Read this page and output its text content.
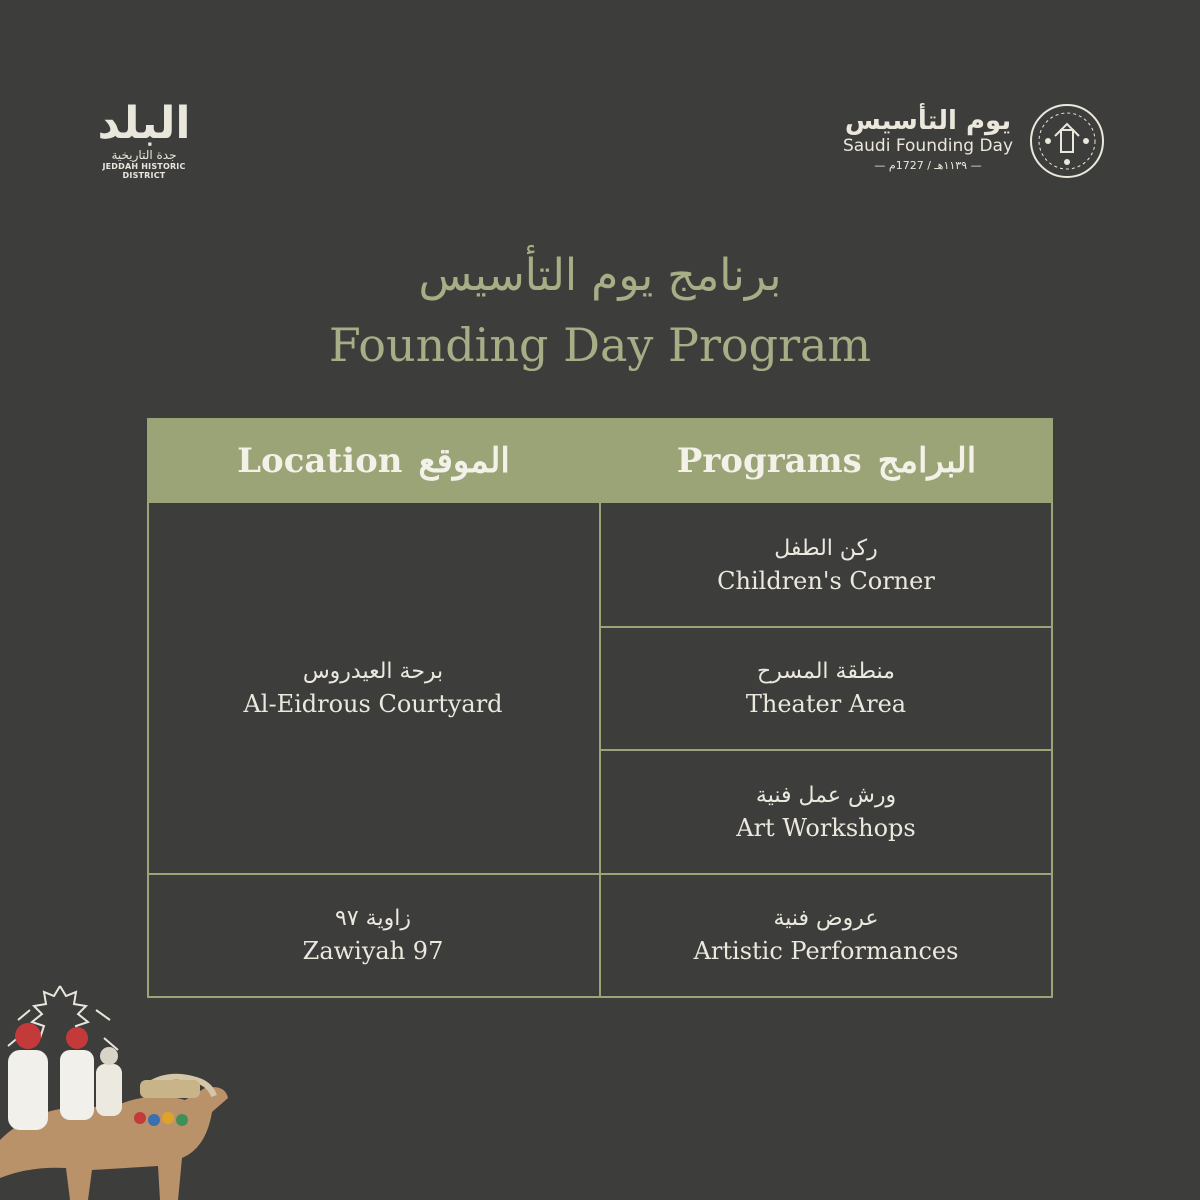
البلد
جدة التاريخية
JEDDAH HISTORIC DISTRICT
يوم التأسيس
Saudi Founding Day
— ١١٣٩هـ / 1727م —
برنامج يوم التأسيس
Founding Day Program
Location الموقع	Programs البرامج
برحة العيدروس
Al-Eidrous Courtyard
زاوية ٩٧
Zawiyah 97
ركن الطفل
Children's Corner
منطقة المسرح
Theater Area
ورش عمل فنية
Art Workshops
عروض فنية
Artistic Performances
